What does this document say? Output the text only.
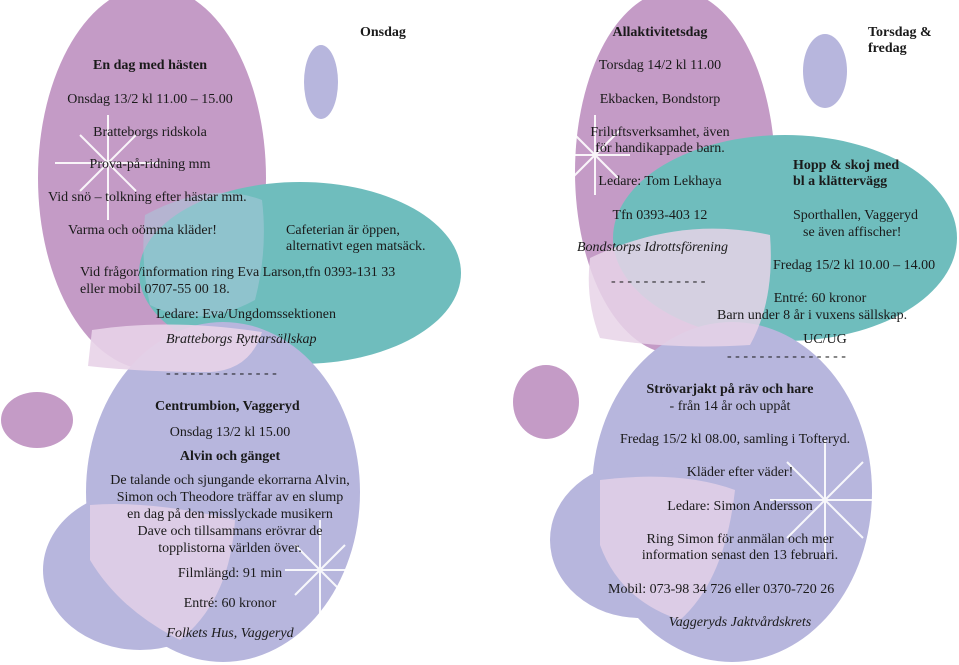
Onsdag
En dag med hästen
Onsdag 13/2 kl 11.00 – 15.00
Bratteborgs ridskola
Prova-på-ridning mm
Vid snö – tolkning efter hästar mm.
Varma och oömma kläder!	Cafeterian är öppen,
alternativt egen matsäck.
Vid frågor/information ring Eva Larson,tfn 0393-131 33
eller mobil 0707-55 00 18.
Ledare: Eva/Ungdomssektionen
Bratteborgs Ryttarsällskap
- - - - - - - - - - - - - -
Centrumbion, Vaggeryd
Onsdag 13/2 kl 15.00
Alvin och gänget
De talande och sjungande ekorrarna Alvin,
Simon och Theodore träffar av en slump
en dag på den misslyckade musikern
Dave och tillsammans erövrar de
topplistorna världen över.
Filmlängd: 91 min
Entré: 60 kronor
Folkets Hus, Vaggeryd
Allaktivitetsdag
Torsdag 14/2 kl 11.00
Ekbacken, Bondstorp
Friluftsverksamhet, även
för handikappade barn.
Ledare: Tom Lekhaya
Tfn 0393-403 12
Bondstorps Idrottsförening
- - - - - - - - - - - -
Torsdag &
fredag
Hopp & skoj med
bl a klättervägg
Sporthallen, Vaggeryd
se även affischer!
Fredag 15/2 kl 10.00 – 14.00
Entré: 60 kronor
Barn under 8 år i vuxens sällskap.
UC/UG
- - - - - - - - - - - - - - -
Strövarjakt på räv och hare
- från 14 år och uppåt
Fredag 15/2 kl 08.00, samling i Tofteryd.
Kläder efter väder!
Ledare: Simon Andersson
Ring Simon för anmälan och mer
information senast den 13 februari.
Mobil: 073-98 34 726 eller 0370-720 26
Vaggeryds Jaktvårdskrets
